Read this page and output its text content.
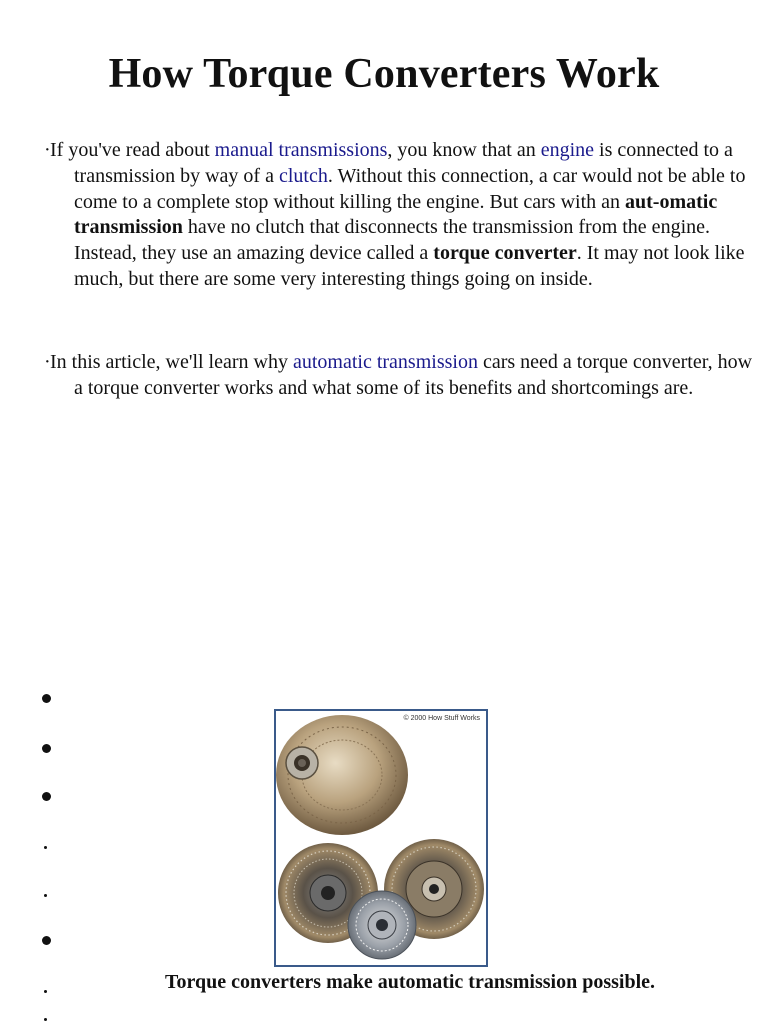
How Torque Converters Work

·If you've read about manual transmissions, you know that an engine is connected to a transmission by way of a clutch. Without this connection, a car would not be able to come to a complete stop without killing the engine. But cars with an aut-omatic transmission have no clutch that disconnects the transmission from the engine. Instead, they use an amazing device called a torque converter. It may not look like much, but there are some very interesting things going on inside.

·In this article, we'll learn why automatic transmission cars need a torque converter, how a torque converter works and what some of its benefits and shortcomings are.

© 2000 How Stuff Works

Torque converters make automatic transmission possible.
